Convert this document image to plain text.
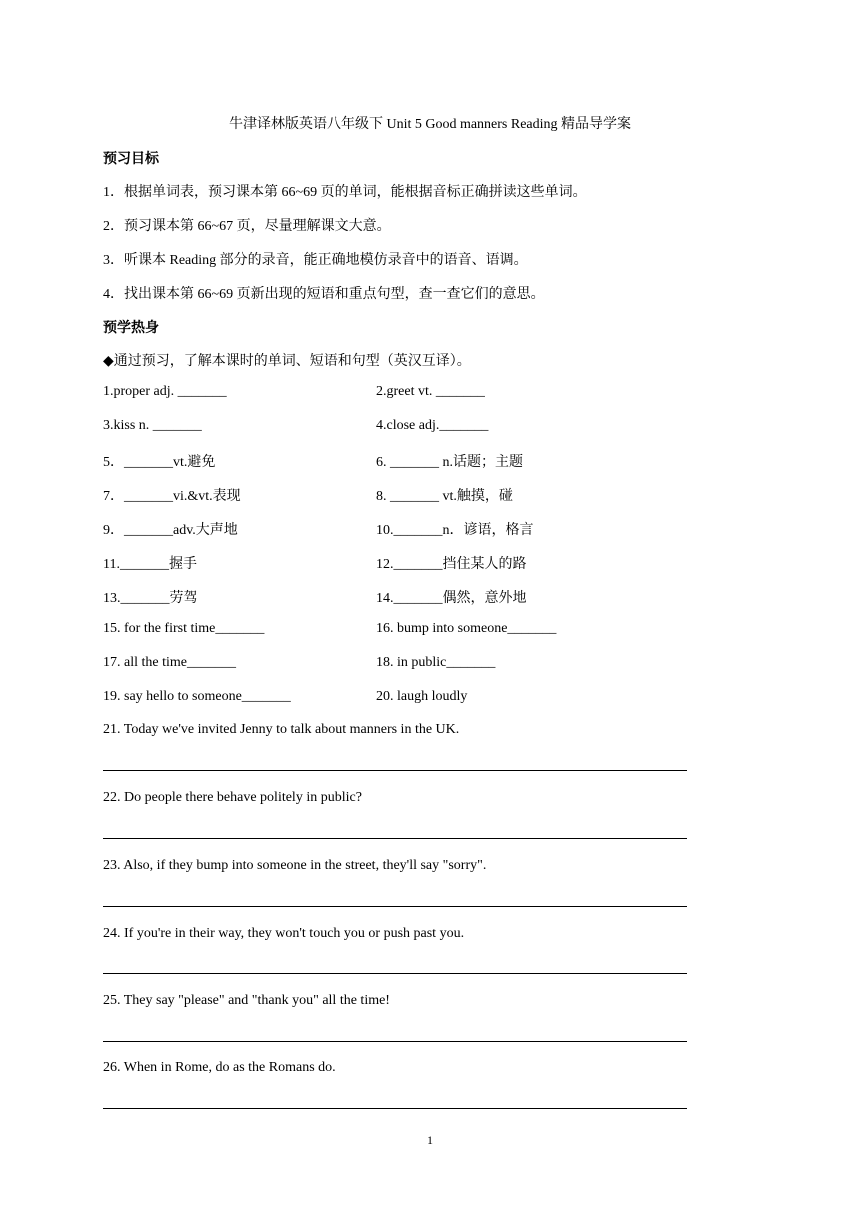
牛津译林版英语八年级下 Unit 5 Good manners Reading 精品导学案
预习目标
1．根据单词表，预习课本第 66~69 页的单词，能根据音标正确拼读这些单词。
2．预习课本第 66~67 页，尽量理解课文大意。
3．听课本 Reading 部分的录音，能正确地模仿录音中的语音、语调。
4．找出课本第 66~69 页新出现的短语和重点句型，查一查它们的意思。
预学热身
◆通过预习，了解本课时的单词、短语和句型（英汉互译）。
1.proper adj. _______	2.greet vt. _______
3.kiss n. _______	4.close adj._______
5．_______vt.避免	6. _______ n.话题；主题
7．_______vi.&vt.表现	8. _______ vt.触摸，碰
9．_______adv.大声地	10._______n．谚语，格言
11._______握手	12._______挡住某人的路
13._______劳驾	14._______偶然，意外地
15. for the first time_______	16. bump into someone_______
17. all the time_______	18. in public_______
19. say hello to someone_______	20. laugh loudly
21. Today we've invited Jenny to talk about manners in the UK.
22. Do people there behave politely in public?
23. Also, if they bump into someone in the street, they'll say "sorry".
24. If you're in their way, they won't touch you or push past you.
25. They say "please" and "thank you" all the time!
26. When in Rome, do as the Romans do.
1
